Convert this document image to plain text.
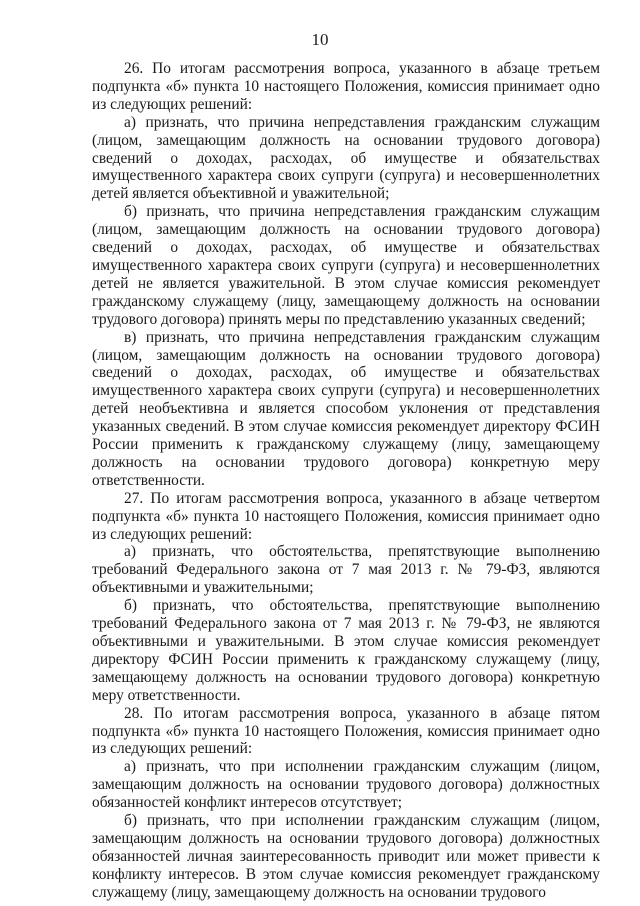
10

26. По итогам рассмотрения вопроса, указанного в абзаце третьем подпункта «б» пункта 10 настоящего Положения, комиссия принимает одно из следующих решений:

а) признать, что причина непредставления гражданским служащим (лицом, замещающим должность на основании трудового договора) сведений о доходах, расходах, об имуществе и обязательствах имущественного характера своих супруги (супруга) и несовершеннолетних детей является объективной и уважительной;

б) признать, что причина непредставления гражданским служащим (лицом, замещающим должность на основании трудового договора) сведений о доходах, расходах, об имуществе и обязательствах имущественного характера своих супруги (супруга) и несовершеннолетних детей не является уважительной. В этом случае комиссия рекомендует гражданскому служащему (лицу, замещающему должность на основании трудового договора) принять меры по представлению указанных сведений;

в) признать, что причина непредставления гражданским служащим (лицом, замещающим должность на основании трудового договора) сведений о доходах, расходах, об имуществе и обязательствах имущественного характера своих супруги (супруга) и несовершеннолетних детей необъективна и является способом уклонения от представления указанных сведений. В этом случае комиссия рекомендует директору ФСИН России применить к гражданскому служащему (лицу, замещающему должность на основании трудового договора) конкретную меру ответственности.

27. По итогам рассмотрения вопроса, указанного в абзаце четвертом подпункта «б» пункта 10 настоящего Положения, комиссия принимает одно из следующих решений:

а) признать, что обстоятельства, препятствующие выполнению требований Федерального закона от 7 мая 2013 г. № 79-ФЗ, являются объективными и уважительными;

б) признать, что обстоятельства, препятствующие выполнению требований Федерального закона от 7 мая 2013 г. № 79-ФЗ, не являются объективными и уважительными. В этом случае комиссия рекомендует директору ФСИН России применить к гражданскому служащему (лицу, замещающему должность на основании трудового договора) конкретную меру ответственности.

28. По итогам рассмотрения вопроса, указанного в абзаце пятом подпункта «б» пункта 10 настоящего Положения, комиссия принимает одно из следующих решений:

а) признать, что при исполнении гражданским служащим (лицом, замещающим должность на основании трудового договора) должностных обязанностей конфликт интересов отсутствует;

б) признать, что при исполнении гражданским служащим (лицом, замещающим должность на основании трудового договора) должностных обязанностей личная заинтересованность приводит или может привести к конфликту интересов. В этом случае комиссия рекомендует гражданскому служащему (лицу, замещающему должность на основании трудового
